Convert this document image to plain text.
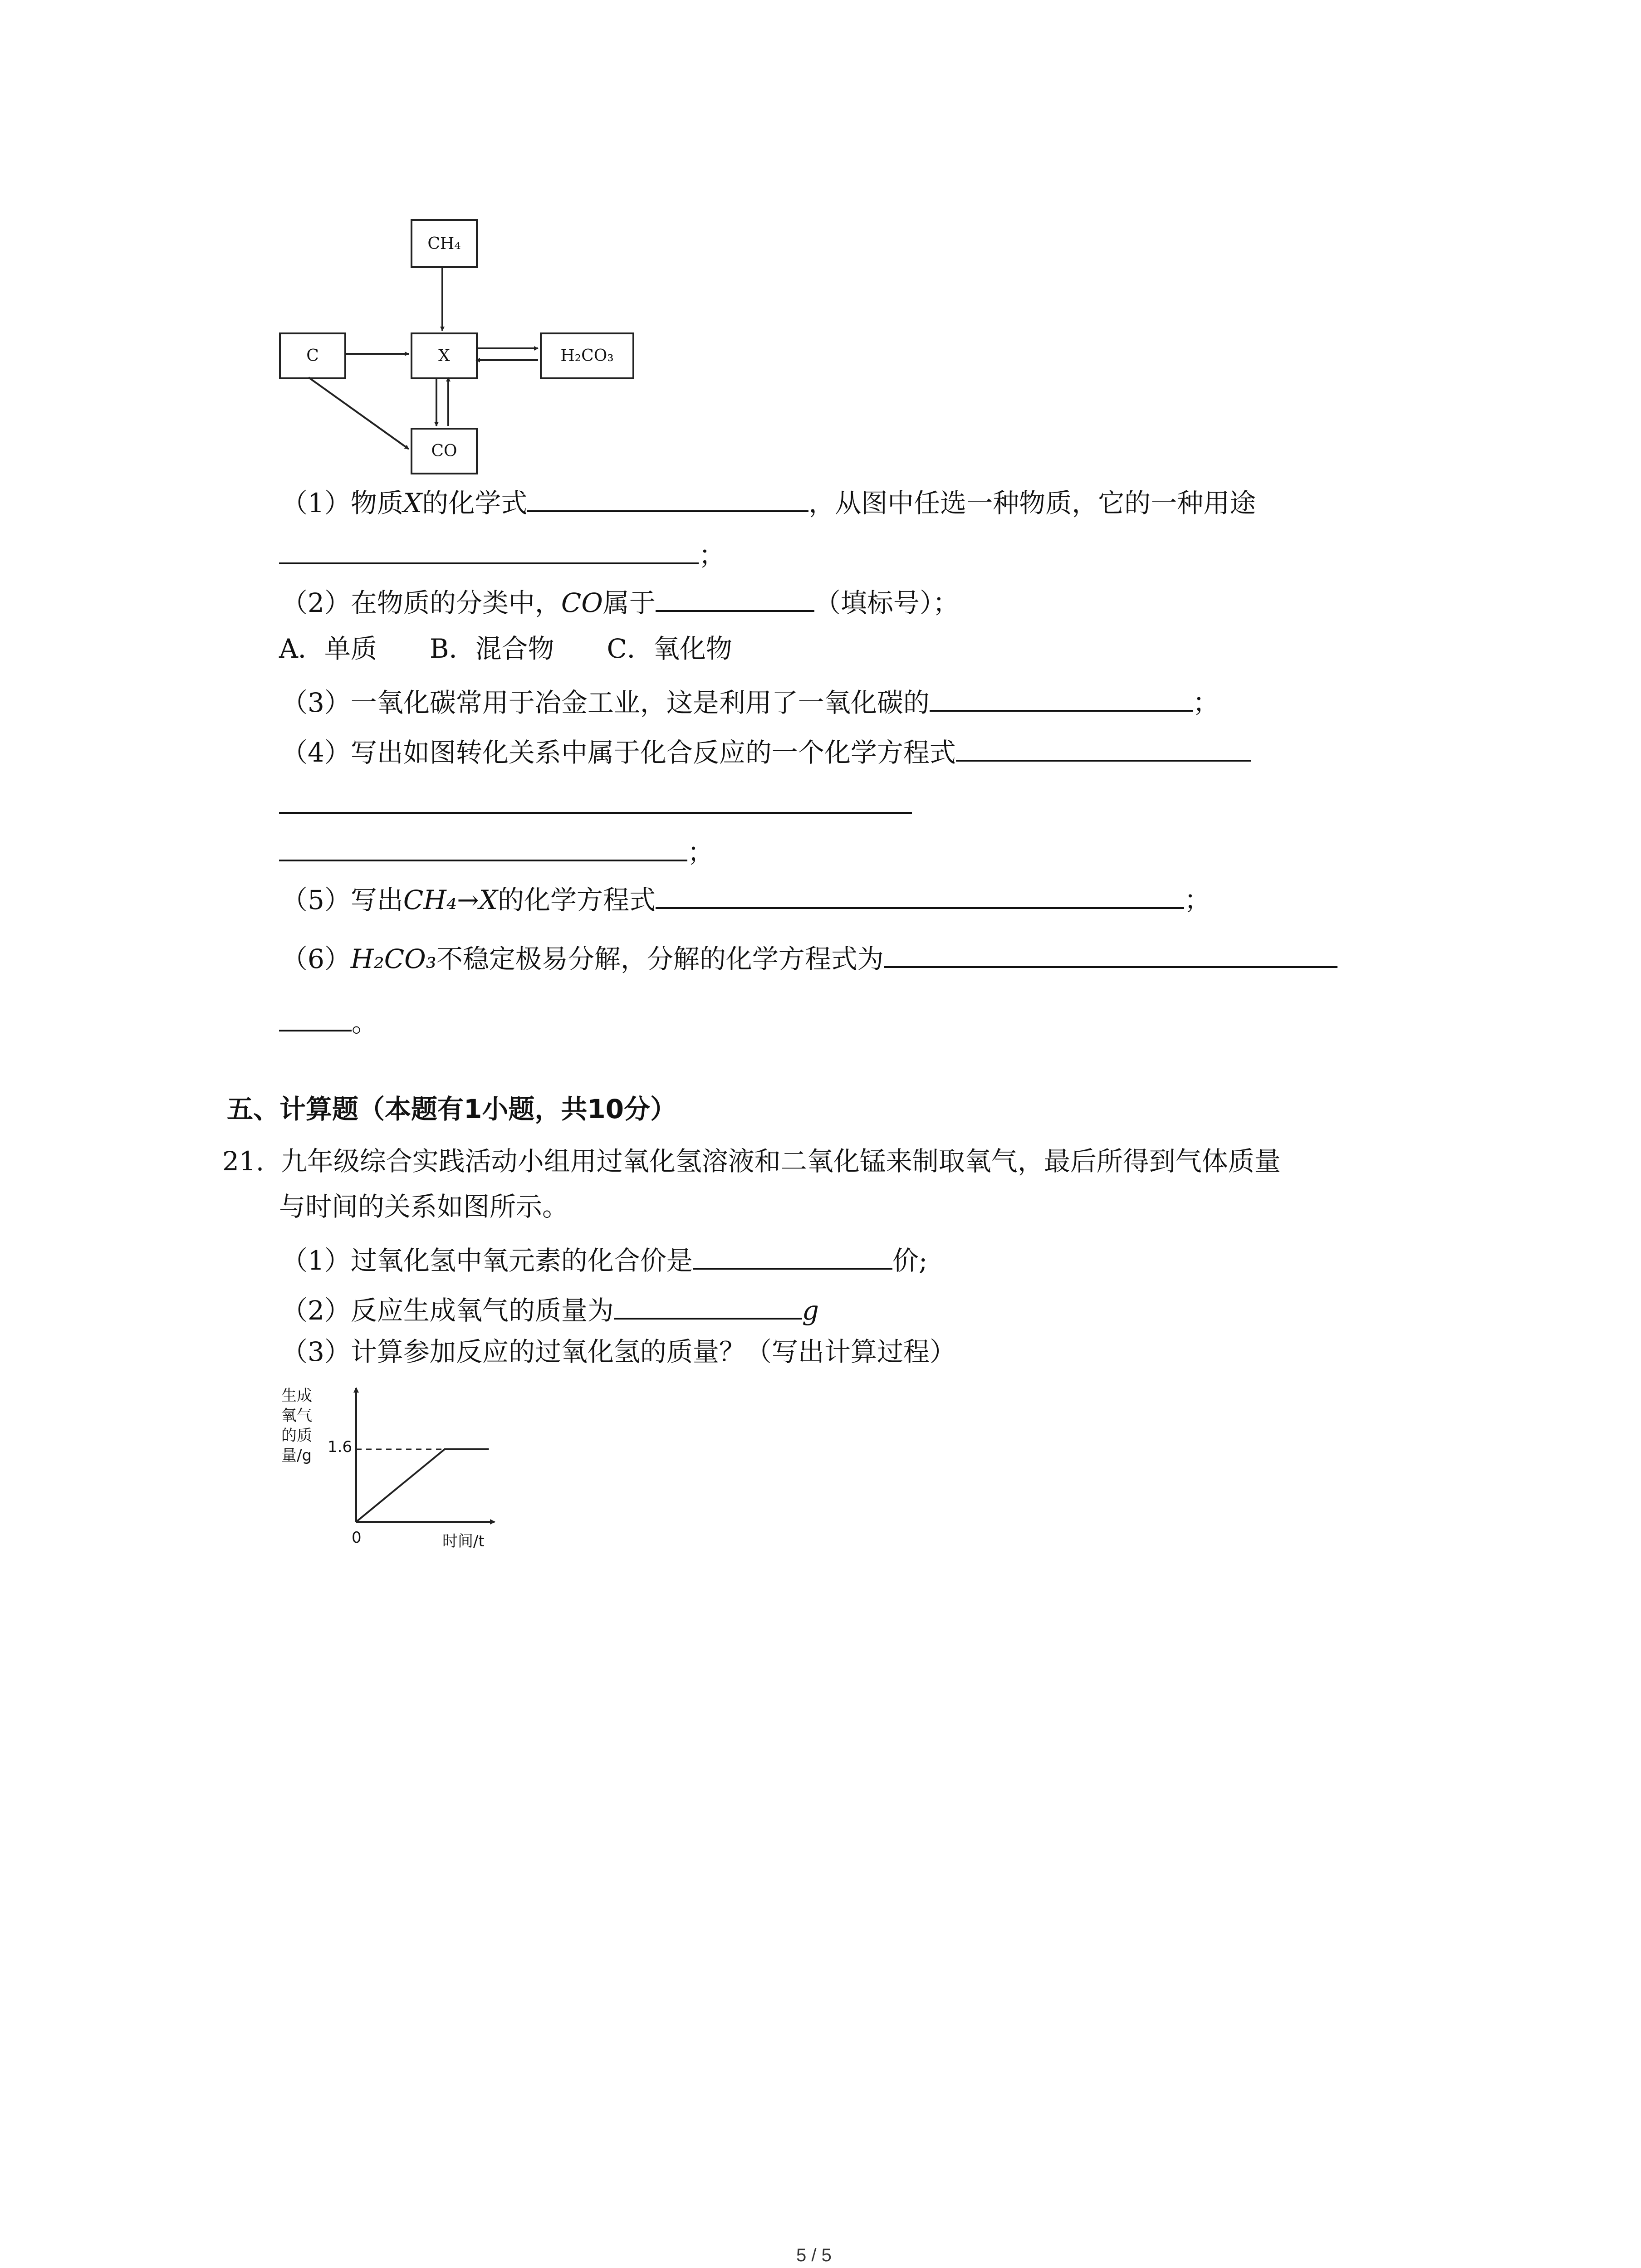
CH₄
C	X	H₂CO₃
CO
（1）物质X的化学式	，从图中任选一种物质，它的一种用途
；
（2）在物质的分类中，CO属于	（填标号）；
A．单质　　B．混合物　　C．氧化物
（3）一氧化碳常用于冶金工业，这是利用了一氧化碳的	；
（4）写出如图转化关系中属于化合反应的一个化学方程式
；
（5）写出CH₄→X的化学方程式	；
（6）H₂CO₃不稳定极易分解，分解的化学方程式为
。
五、计算题（本题有1小题，共10分）
21. 九年级综合实践活动小组用过氧化氢溶液和二氧化锰来制取氧气，最后所得到气体质量
与时间的关系如图所示。
（1）过氧化氢中氧元素的化合价是	价;
（2）反应生成氧气的质量为	g
（3）计算参加反应的过氧化氢的质量？（写出计算过程）
生成
氧气
的质
量/g 1.6
0	时间/t
5 / 5
